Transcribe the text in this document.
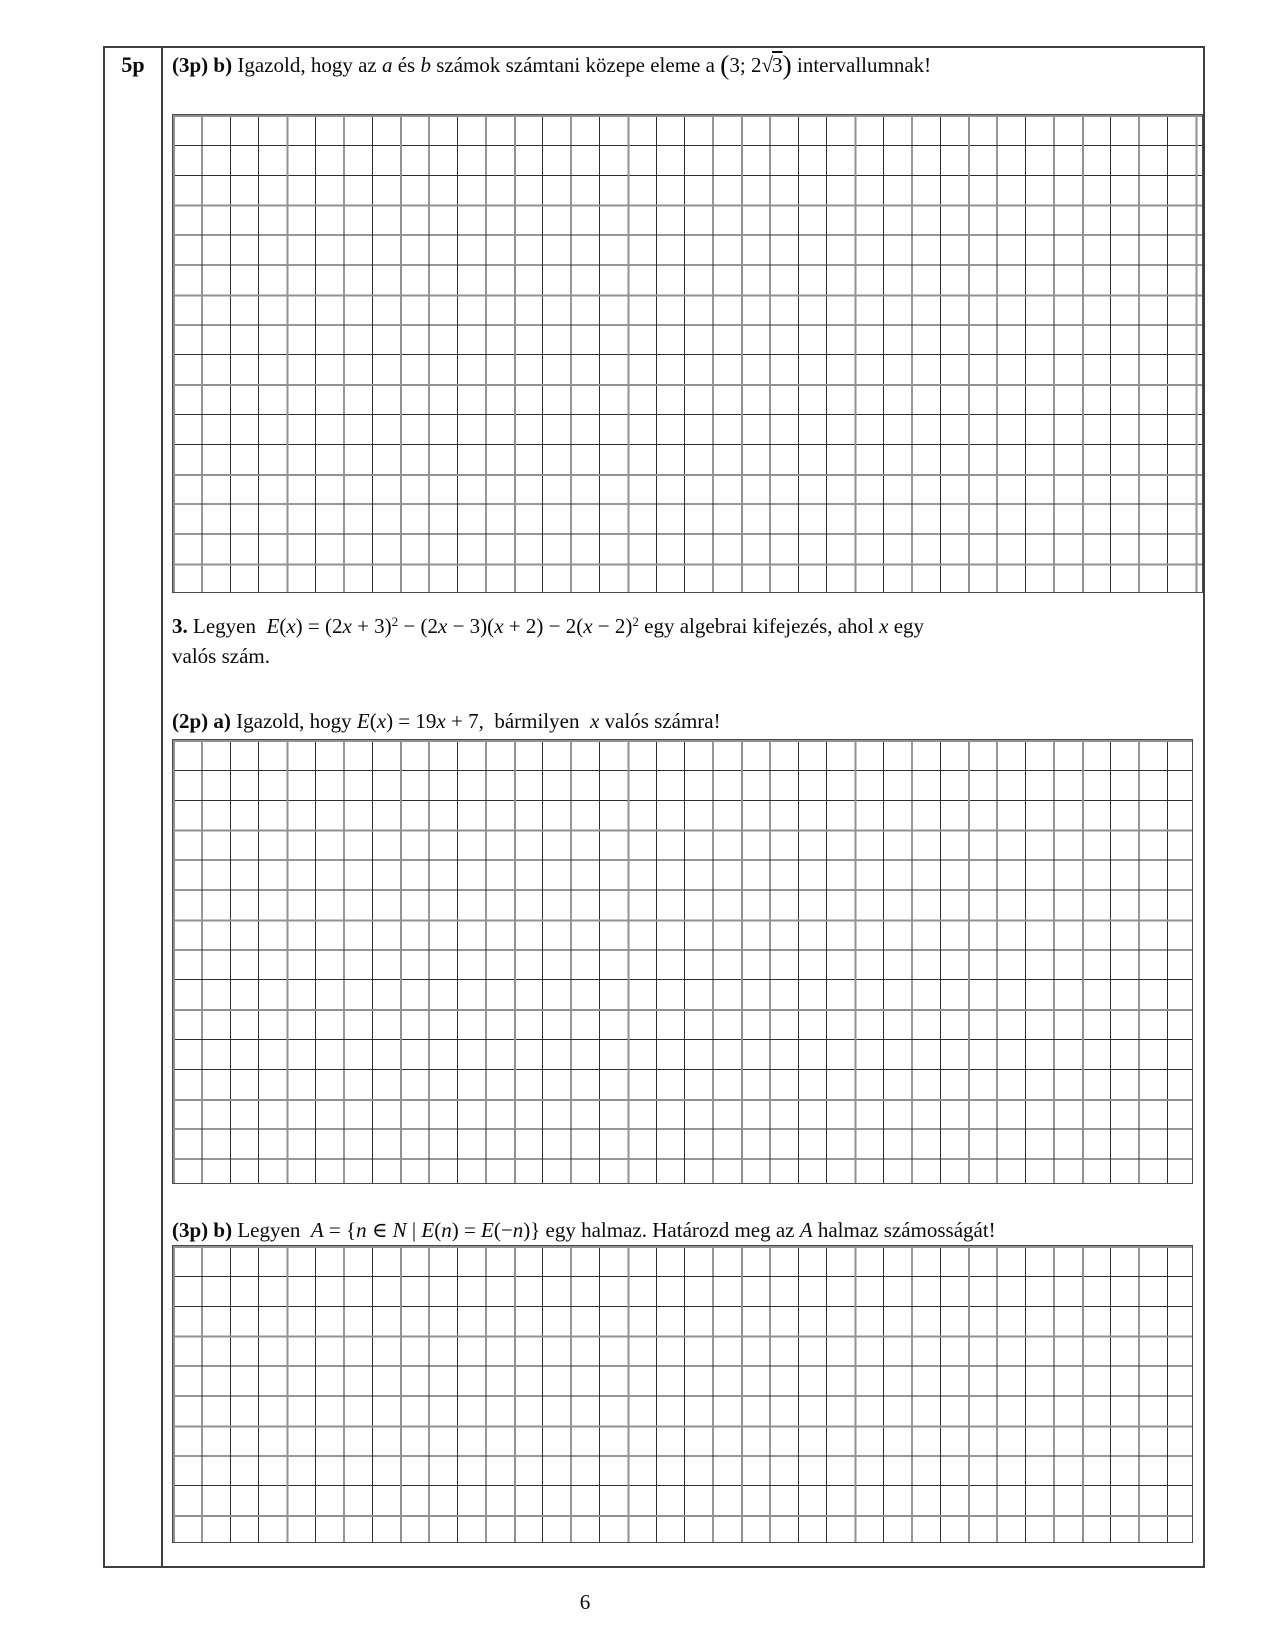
5p	(3p) b) Igazold, hogy az a és b számok számtani közepe eleme a (3; 2√3) intervallumnak!
3. Legyen  $E(x) = (2x + 3)^2 - (2x - 3)(x + 2) - 2(x - 2)^2$ egy algebrai kifejezés, ahol x egy
valós szám.
(2p) a) Igazold, hogy E(x) = 19x + 7,  bármilyen  x valós számra!
(3p) b) Legyen  A = {n ∈ N | E(n) = E(−n)} egy halmaz. Határozd meg az A halmaz számosságát!
6
